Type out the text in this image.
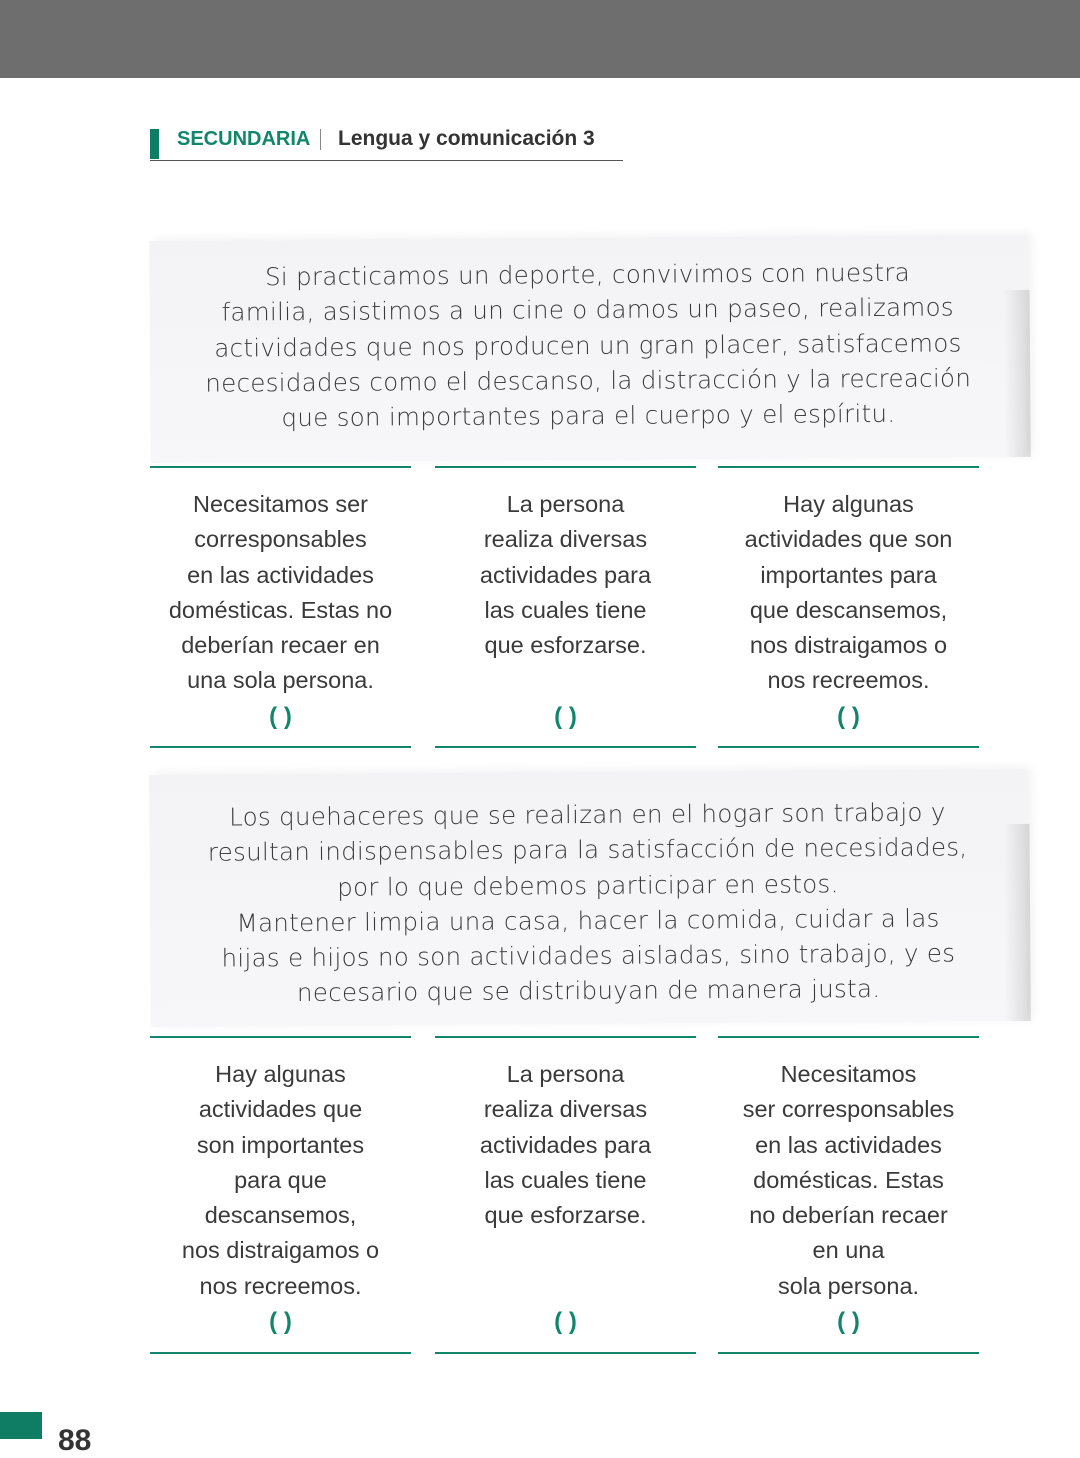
SECUNDARIA Lengua y comunicación 3

Si practicamos un deporte, convivimos con nuestra

familia, asistimos a un cine o damos un paseo, realizamos

actividades que nos producen un gran placer, satisfacemos

necesidades como el descanso, la distracción y la recreación

que son importantes para el cuerpo y el espíritu.

Necesitamos ser
corresponsables
en las actividades
domésticas. Estas no
deberían recaer en
una sola persona.
( )
La persona
realiza diversas
actividades para
las cuales tiene
que esforzarse.
( )
Hay algunas
actividades que son
importantes para
que descansemos,
nos distraigamos o
nos recreemos.
( )

Los quehaceres que se realizan en el hogar son trabajo y

resultan indispensables para la satisfacción de necesidades,

por lo que debemos participar en estos.

Mantener limpia una casa, hacer la comida, cuidar a las

hijas e hijos no son actividades aisladas, sino trabajo, y es

necesario que se distribuyan de manera justa.

Hay algunas
actividades que
son importantes
para que
descansemos,
nos distraigamos o
nos recreemos.
( )
La persona
realiza diversas
actividades para
las cuales tiene
que esforzarse.
( )
Necesitamos
ser corresponsables
en las actividades
domésticas. Estas
no deberían recaer
en una
sola persona.
( )
88
